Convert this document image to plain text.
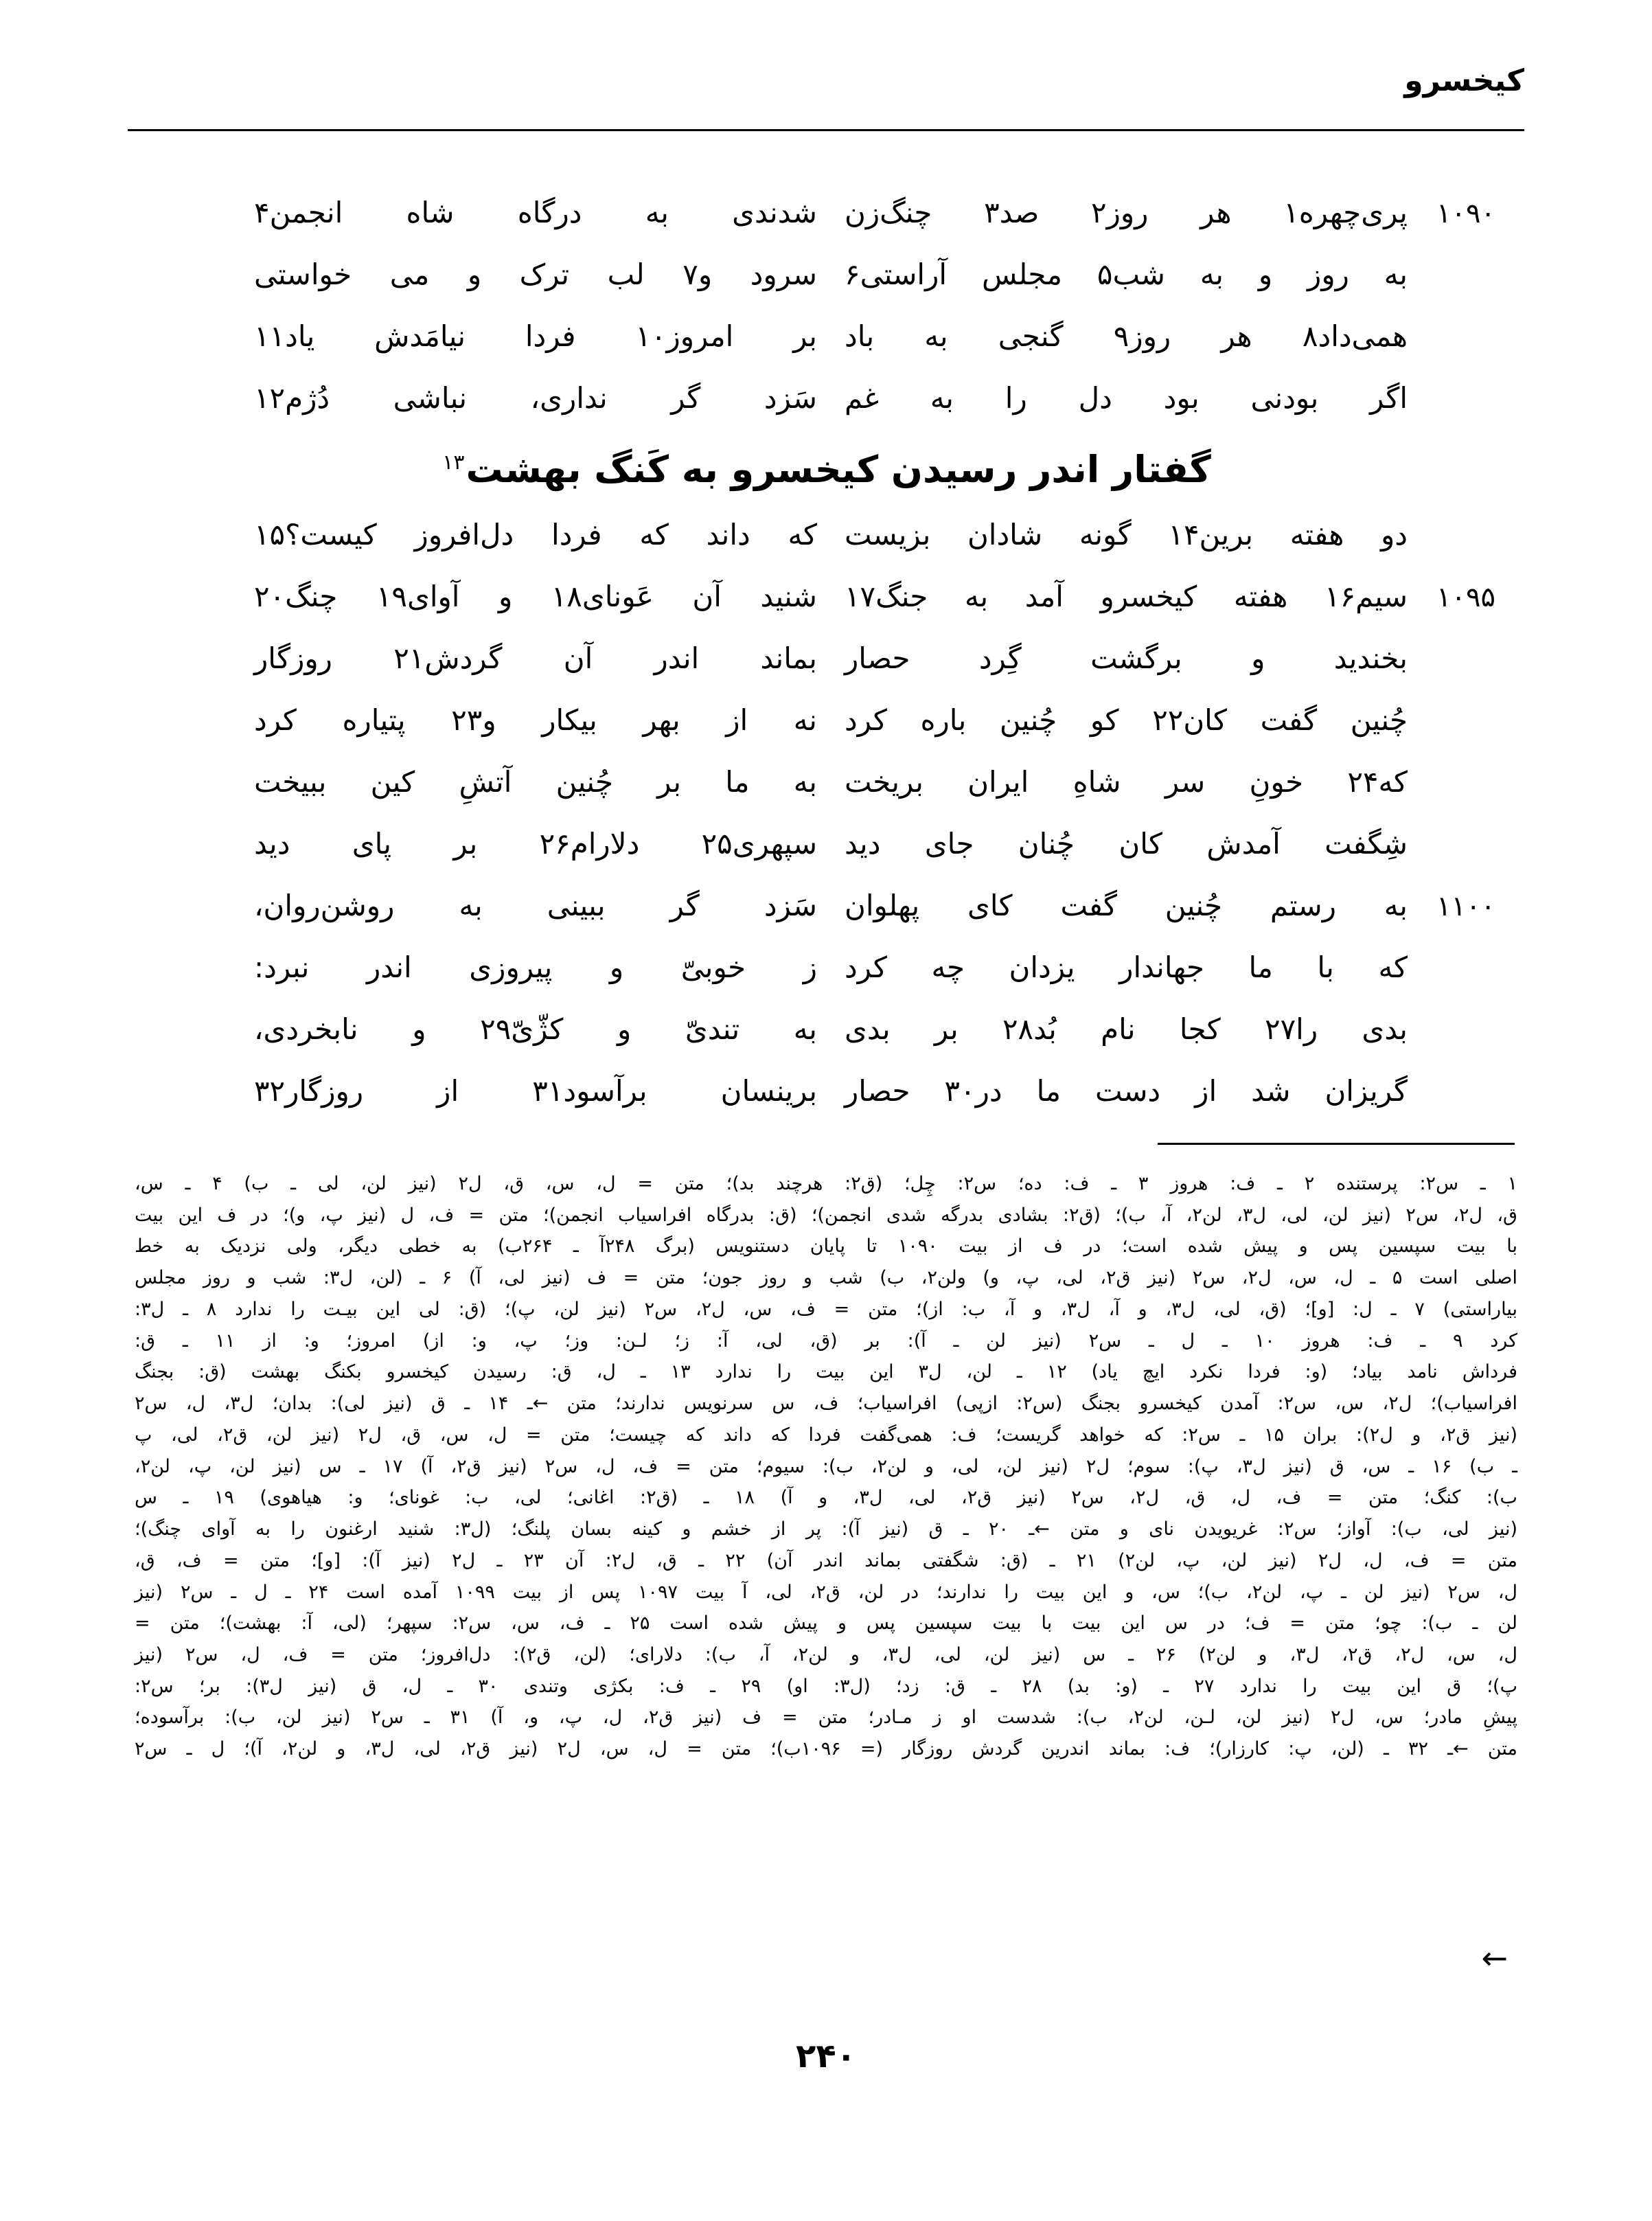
کیخسرو
۱۰۹۰
پری‌چهره۱ هر روز۲ صد۳ چنگ‌زن
شدندی به درگاه شاه انجمن۴
به روز و به شب۵ مجلس آراستی۶
سرود و۷ لب ترک و می خواستی
همی‌داد۸ هر روز۹ گنجی به باد
بر امروز۱۰ فردا نیامَدش یاد۱۱
اگر بودنی بود دل را به غم
سَزد گر نداری، نباشی دُژم۱۲
گفتار اندر رسیدن کیخسرو به کَنگ بهشت$^{۱۳}$
دو هفته برین۱۴ گونه شادان بزیست
که داند که فردا دل‌افروز کیست؟۱۵
۱۰۹۵
سیم۱۶ هفته کیخسرو آمد به جنگ۱۷
شنید آن عَونای۱۸ و آوای۱۹ چنگ۲۰
بخندید و برگشت گِرد حصار
بماند اندر آن گردش۲۱ روزگار
چُنین گفت کان۲۲ کو چُنین باره کرد
نه از بهر بیکار و۲۳ پتیاره کرد
که۲۴ خونِ سر شاهِ ایران بریخت
به ما بر چُنین آتشِ کین ببیخت
شِگفت آمدش کان چُنان جای دید
سپهری۲۵ دلارام۲۶ بر پای دید
۱۱۰۰
به رستم چُنین گفت کای پهلوان
سَزد گر ببینی به روشن‌روان،
که با ما جهاندار یزدان چه کرد
ز خوبیّ و پیروزی اندر نبرد:
بدی را۲۷ کجا نام بُد۲۸ بر بدی
به تندیّ و کژّیّ۲۹ و نابخردی،
گریزان شد از دست ما در۳۰ حصار
برینسان برآسود۳۱ از روزگار۳۲

۱ ـ س٢: پرستنده ۲ ـ ف: هروز ۳ ـ ف: ده؛ س٢: چِل؛ (ق٢: هرچند بد)؛ متن = ل، س، ق، ل٢ (نیز لن، لی ـ ب) ۴ ـ س،

ق، ل٢، س٢ (نیز لن، لی، ل٣، لن٢، آ، ب)؛ (ق٢: بشادی بدرگه شدی انجمن)؛ (ق: بدرگاه افراسیاب انجمن)؛ متن = ف، ل (نیز پ، و)؛ در ف این بیت

با بیت سپسین پس و پیش شده است؛ در ف از بیت ۱۰۹۰ تا پایان دستنویس (برگ ۲۴۸آ ـ ۲۶۴ب) به خطی دیگر، ولی نزدیک به خط

اصلی است ۵ ـ ل، س، ل٢، س٢ (نیز ق٢، لی، پ، و) ولن٢، ب) شب و روز جون؛ متن = ف (نیز لی، آ) ۶ ـ (لن، ل٣: شب و روز مجلس

بیاراستی) ۷ ـ ل: [و]؛ (ق، لی، ل٣، و آ، ل٣، و آ، ب: از)؛ متن = ف، س، ل٢، س٢ (نیز لن، پ)؛ (ق: لی این بیـت را ندارد ۸ ـ ل٣:

کرد ۹ ـ ف: هروز ۱۰ ـ ل ـ س٢ (نیز لن ـ آ): بر (ق، لی، آ: ز؛ لـن: وز؛ پ، و: از) امروز؛ و: از ۱۱ ـ ق:

فرداش نامد بیاد؛ (و: فردا نکرد ایچ یاد) ۱۲ ـ لن، ل٣ این بیت را ندارد ۱۳ ـ ل، ق: رسیدن کیخسرو بکنگ بهشت (ق: بجنگ

افراسیاب)؛ ل٢، س، س٢: آمدن کیخسرو بجنگ (س٢: ازپی) افراسیاب؛ ف، س سرنویس ندارند؛ متن ←ـ ۱۴ ـ ق (نیز لی): بدان؛ ل٣، ل، س٢

(نیز ق٢، و ل٢): بران ۱۵ ـ س٢: که خواهد گریست؛ ف: همی‌گفت فردا که داند که چیست؛ متن = ل، س، ق، ل٢ (نیز لن، ق٢، لی، پ

ـ ب) ۱۶ ـ س، ق (نیز ل٣، پ): سوم؛ ل٢ (نیز لن، لی، و لن٢، ب): سیوم؛ متن = ف، ل، س٢ (نیز ق٢، آ) ۱۷ ـ س (نیز لن، پ، لن٢،

ب): کنگ؛ متن = ف، ل، ق، ل٢، س٢ (نیز ق٢، لی، ل٣، و آ) ۱۸ ـ (ق٢: اغانی؛ لی، ب: غونای؛ و: هیاهوی) ۱۹ ـ س

(نیز لی، ب): آواز؛ س٢: غریویدن نای و متن ←ـ ۲۰ ـ ق (نیز آ): پر از خشم و کینه بسان پلنگ؛ (ل٣: شنید ارغنون را به آوای چنگ)؛

متن = ف، ل، ل٢ (نیز لن، پ، لن٢) ۲۱ ـ (ق: شگفتی بماند اندر آن) ۲۲ ـ ق، ل٢: آن ۲۳ ـ ل٢ (نیز آ): [و]؛ متن = ف، ق،

ل، س٢ (نیز لن ـ پ، لن٢، ب)؛ س، و این بیت را ندارند؛ در لن، ق٢، لی، آ بیت ۱۰۹۷ پس از بیت ۱۰۹۹ آمده است ۲۴ ـ ل ـ س٢ (نیز

لن ـ ب): چو؛ متن = ف؛ در س این بیت با بیت سپسین پس و پیش شده است ۲۵ ـ ف، س، س٢: سپهر؛ (لی، آ: بهشت)؛ متن =

ل، س، ل٢، ق٢، ل٣، و لن٢) ۲۶ ـ س (نیز لن، لی، ل٣، و لن٢، آ، ب): دلارای؛ (لن، ق٢): دل‌افروز؛ متن = ف، ل، س٢ (نیز

پ)؛ ق این بیت را ندارد ۲۷ ـ (و: بد) ۲۸ ـ ق: زد؛ (ل٣: او) ۲۹ ـ ف: بکژی وتندی ۳۰ ـ ل، ق (نیز ل٣): بر؛ س٢:

پیشِ مادر؛ س، ل٢ (نیز لن، لـن، لن٢، ب): شدست او ز مـادر؛ متن = ف (نیز ق٢، ل، پ، و، آ) ۳۱ ـ س٢ (نیز لن، ب): برآسوده؛

متن ←ـ ۳۲ ـ (لن، پ: کارزار)؛ ف: بماند اندرین گردش روزگار (= ۱۰۹۶ب)؛ متن = ل، س، ل٢ (نیز ق٢، لی، ل٣، و لن٢، آ)؛ ل ـ س٢

←
۲۴۰
